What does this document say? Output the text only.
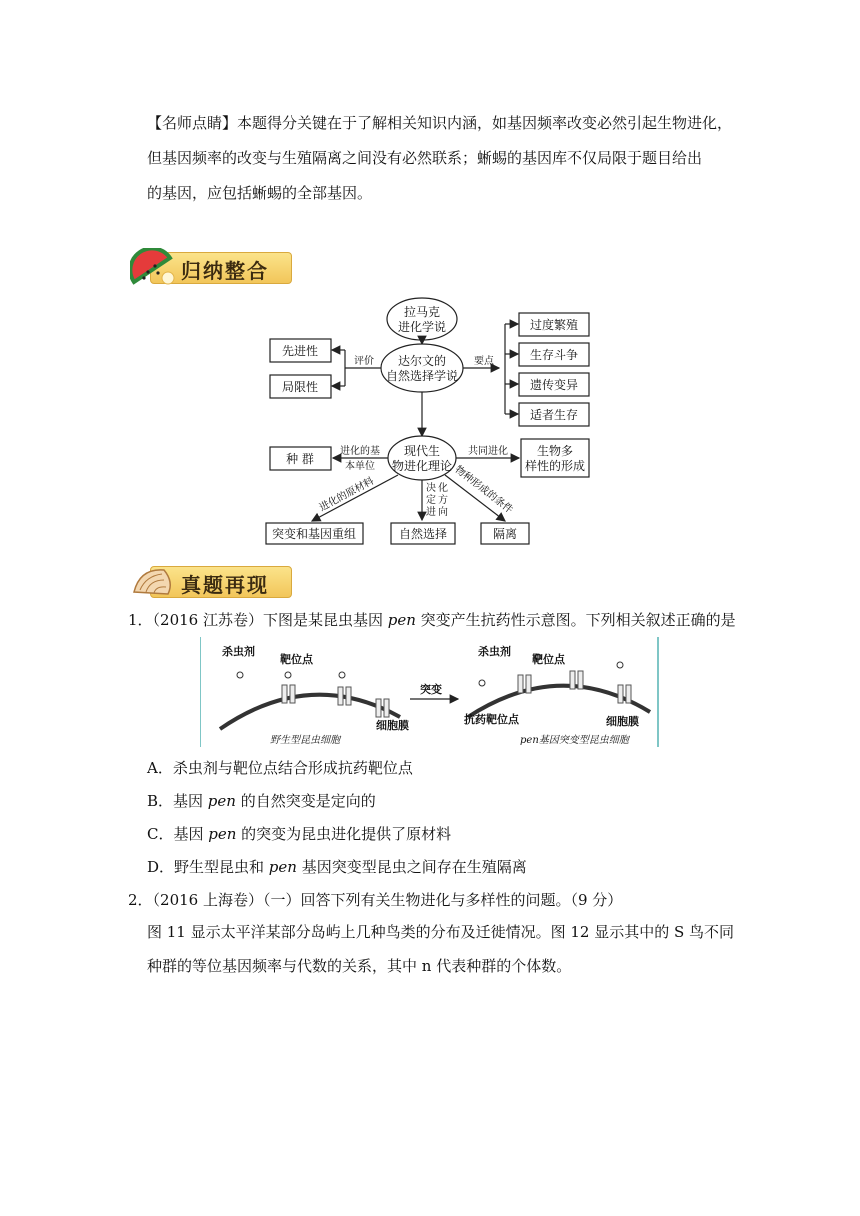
【名师点睛】本题得分关键在于了解相关知识内涵，如基因频率改变必然引起生物进化，
但基因频率的改变与生殖隔离之间没有必然联系；蜥蜴的基因库不仅局限于题目给出
的基因，应包括蜥蜴的全部基因。
归纳整合
拉马克
进化学说
达尔文的
自然选择学说
评价
先进性
局限性
要点
过度繁殖
生存斗争
遗传变异
适者生存
现代生
物进化理论
种 群
进化的基
本单位
共同进化 生物多
样性的形成
进化的原材料	决
定
进
化
方
向 物种形成的条件
突变和基因重组	自然选择	隔离
真题再现
1．（2016 江苏卷）下图是某昆虫基因 pen 突变产生抗药性示意图。下列相关叙述正确的是
杀虫剂
靶位点
细胞膜
突变
杀虫剂
靶位点
抗药靶位点	细胞膜
野生型昆虫细胞	pen基因突变型昆虫细胞
A．杀虫剂与靶位点结合形成抗药靶位点
B．基因 pen 的自然突变是定向的
C．基因 pen 的突变为昆虫进化提供了原材料
D．野生型昆虫和 pen 基因突变型昆虫之间存在生殖隔离
2．（2016 上海卷）（一）回答下列有关生物进化与多样性的问题。（9 分）
图 11 显示太平洋某部分岛屿上几种鸟类的分布及迁徙情况。图 12 显示其中的 S 鸟不同
种群的等位基因频率与代数的关系，其中 n 代表种群的个体数。
